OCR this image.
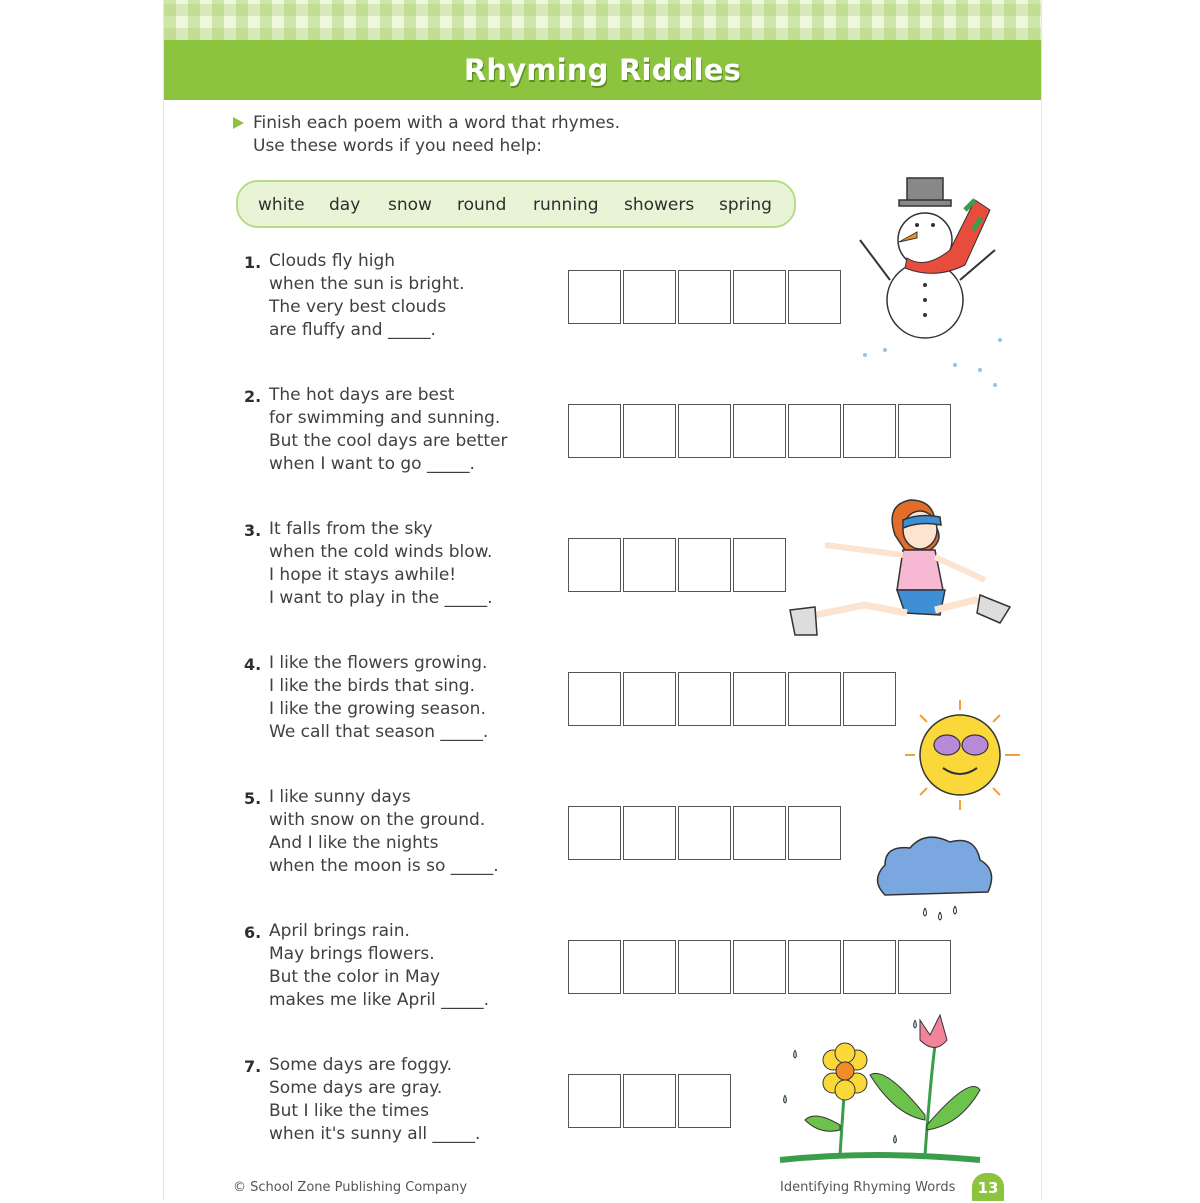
Rhyming Riddles
Finish each poem with a word that rhymes.
Use these words if you need help:
white day snow round running showers spring
1. Clouds fly high
when the sun is bright.
The very best clouds
are fluffy and _____.
2. The hot days are best
for swimming and sunning.
But the cool days are better
when I want to go _____.
3. It falls from the sky
when the cold winds blow.
I hope it stays awhile!
I want to play in the _____.
4. I like the flowers growing.
I like the birds that sing.
I like the growing season.
We call that season _____.
5. I like sunny days
with snow on the ground.
And I like the nights
when the moon is so _____.
6. April brings rain.
May brings flowers.
But the color in May
makes me like April _____.
7. Some days are foggy.
Some days are gray.
But I like the times
when it's sunny all _____.
© School Zone Publishing Company	Identifying Rhyming Words	13
